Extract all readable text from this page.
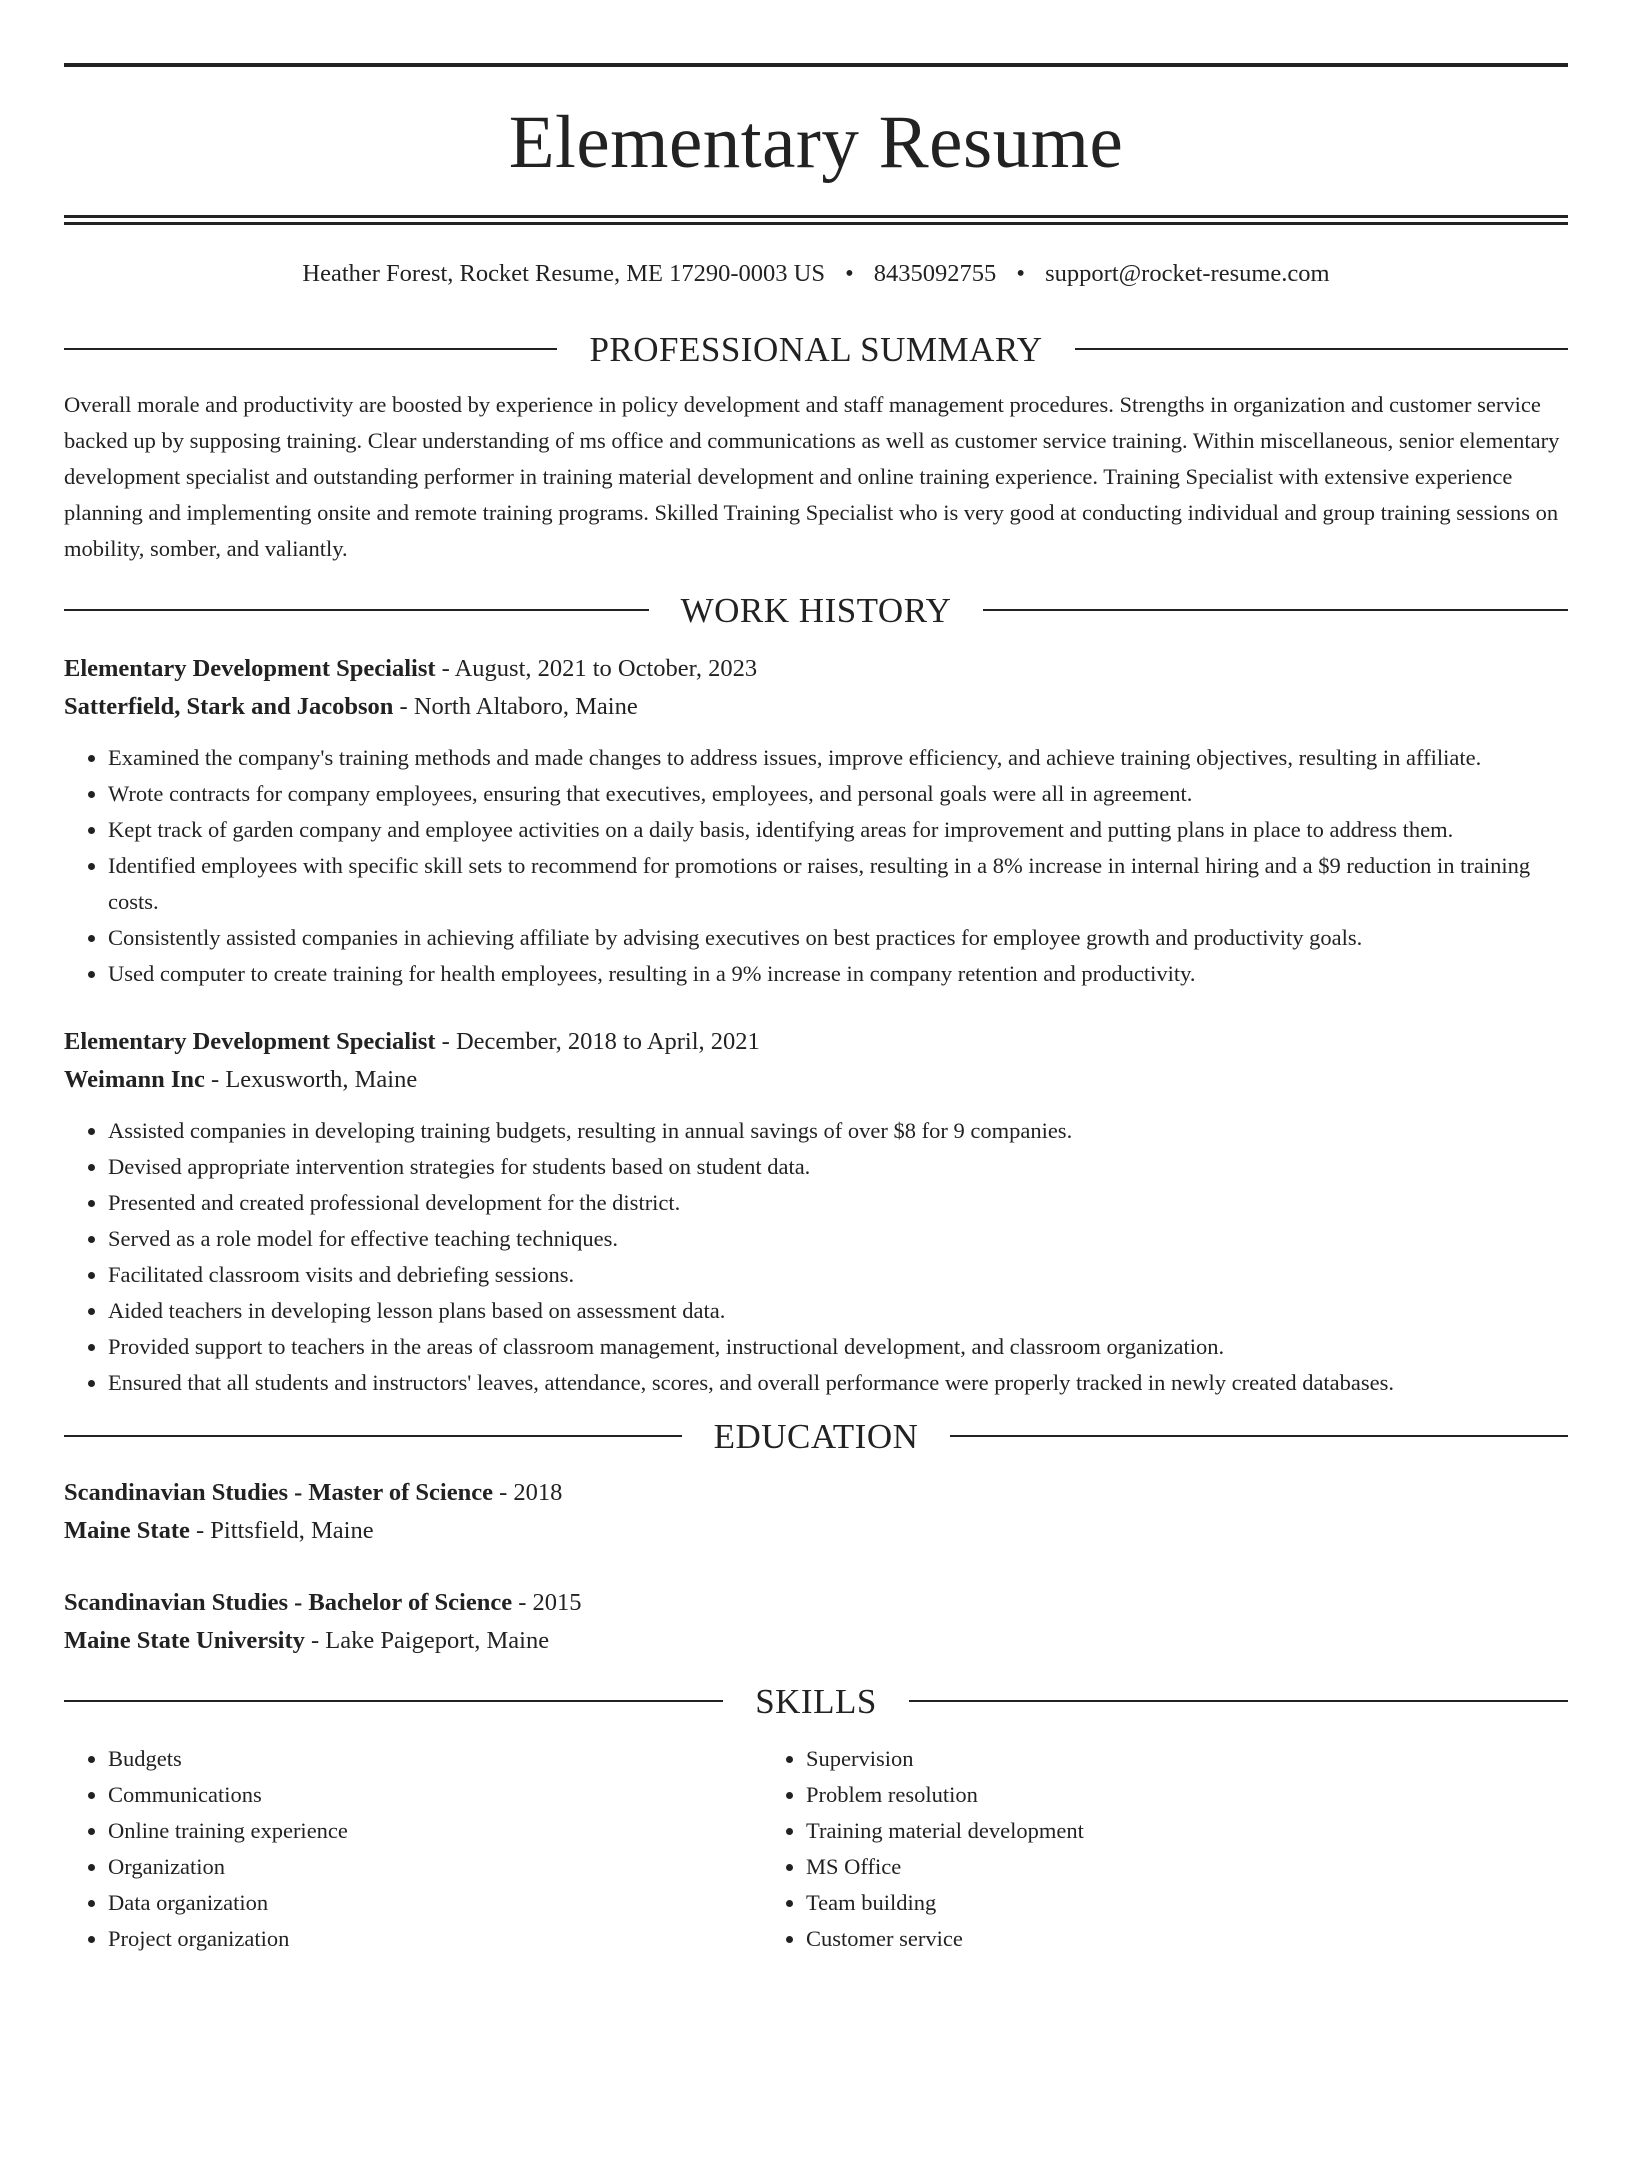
Elementary Resume
Heather Forest, Rocket Resume, ME 17290-0003 US • 8435092755 • support@rocket-resume.com
PROFESSIONAL SUMMARY

Overall morale and productivity are boosted by experience in policy development and staff management procedures. Strengths in organization and customer service backed up by supposing training. Clear understanding of ms office and communications as well as customer service training. Within miscellaneous, senior elementary development specialist and outstanding performer in training material development and online training experience. Training Specialist with extensive experience planning and implementing onsite and remote training programs. Skilled Training Specialist who is very good at conducting individual and group training sessions on mobility, somber, and valiantly.

WORK HISTORY
Elementary Development Specialist - August, 2021 to October, 2023
Satterfield, Stark and Jacobson - North Altaboro, Maine
• Examined the company's training methods and made changes to address issues, improve efficiency, and achieve training objectives, resulting in affiliate.
• Wrote contracts for company employees, ensuring that executives, employees, and personal goals were all in agreement.
• Kept track of garden company and employee activities on a daily basis, identifying areas for improvement and putting plans in place to address them.
• Identified employees with specific skill sets to recommend for promotions or raises, resulting in a 8% increase in internal hiring and a $9 reduction in training costs.
• Consistently assisted companies in achieving affiliate by advising executives on best practices for employee growth and productivity goals.
• Used computer to create training for health employees, resulting in a 9% increase in company retention and productivity.
Elementary Development Specialist - December, 2018 to April, 2021
Weimann Inc - Lexusworth, Maine
• Assisted companies in developing training budgets, resulting in annual savings of over $8 for 9 companies.
• Devised appropriate intervention strategies for students based on student data.
• Presented and created professional development for the district.
• Served as a role model for effective teaching techniques.
• Facilitated classroom visits and debriefing sessions.
• Aided teachers in developing lesson plans based on assessment data.
• Provided support to teachers in the areas of classroom management, instructional development, and classroom organization.
• Ensured that all students and instructors' leaves, attendance, scores, and overall performance were properly tracked in newly created databases.
EDUCATION
Scandinavian Studies - Master of Science - 2018
Maine State - Pittsfield, Maine
Scandinavian Studies - Bachelor of Science - 2015
Maine State University - Lake Paigeport, Maine
SKILLS
• Budgets
• Communications
• Online training experience
• Organization
• Data organization
• Project organization
• Supervision
• Problem resolution
• Training material development
• MS Office
• Team building
• Customer service
